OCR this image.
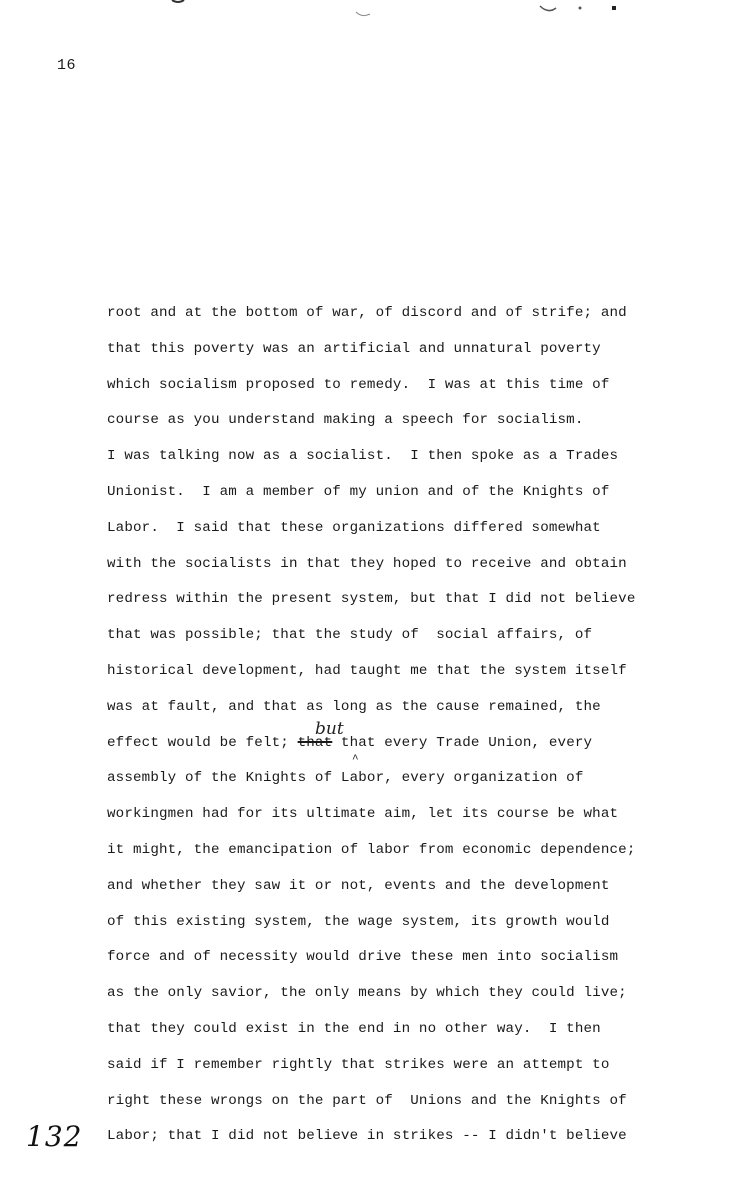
16
root and at the bottom of war, of discord and of strife; and
that this poverty was an artificial and unnatural poverty
which socialism proposed to remedy.  I was at this time of
course as you understand making a speech for socialism.
I was talking now as a socialist.  I then spoke as a Trades
Unionist.  I am a member of my union and of the Knights of
Labor.  I said that these organizations differed somewhat
with the socialists in that they hoped to receive and obtain
redress within the present system, but that I did not believe
that was possible; that the study of  social affairs, of
historical development, had taught me that the system itself
was at fault, and that as long as the cause remained, the
effect would be felt; that that every Trade Union, every
assembly of the Knights of Labor, every organization of
workingmen had for its ultimate aim, let its course be what
it might, the emancipation of labor from economic dependence;
and whether they saw it or not, events and the development
of this existing system, the wage system, its growth would
force and of necessity would drive these men into socialism
as the only savior, the only means by which they could live;
that they could exist in the end in no other way.  I then
said if I remember rightly that strikes were an attempt to
right these wrongs on the part of  Unions and the Knights of
Labor; that I did not believe in strikes -- I didn't believe
but
^
132
